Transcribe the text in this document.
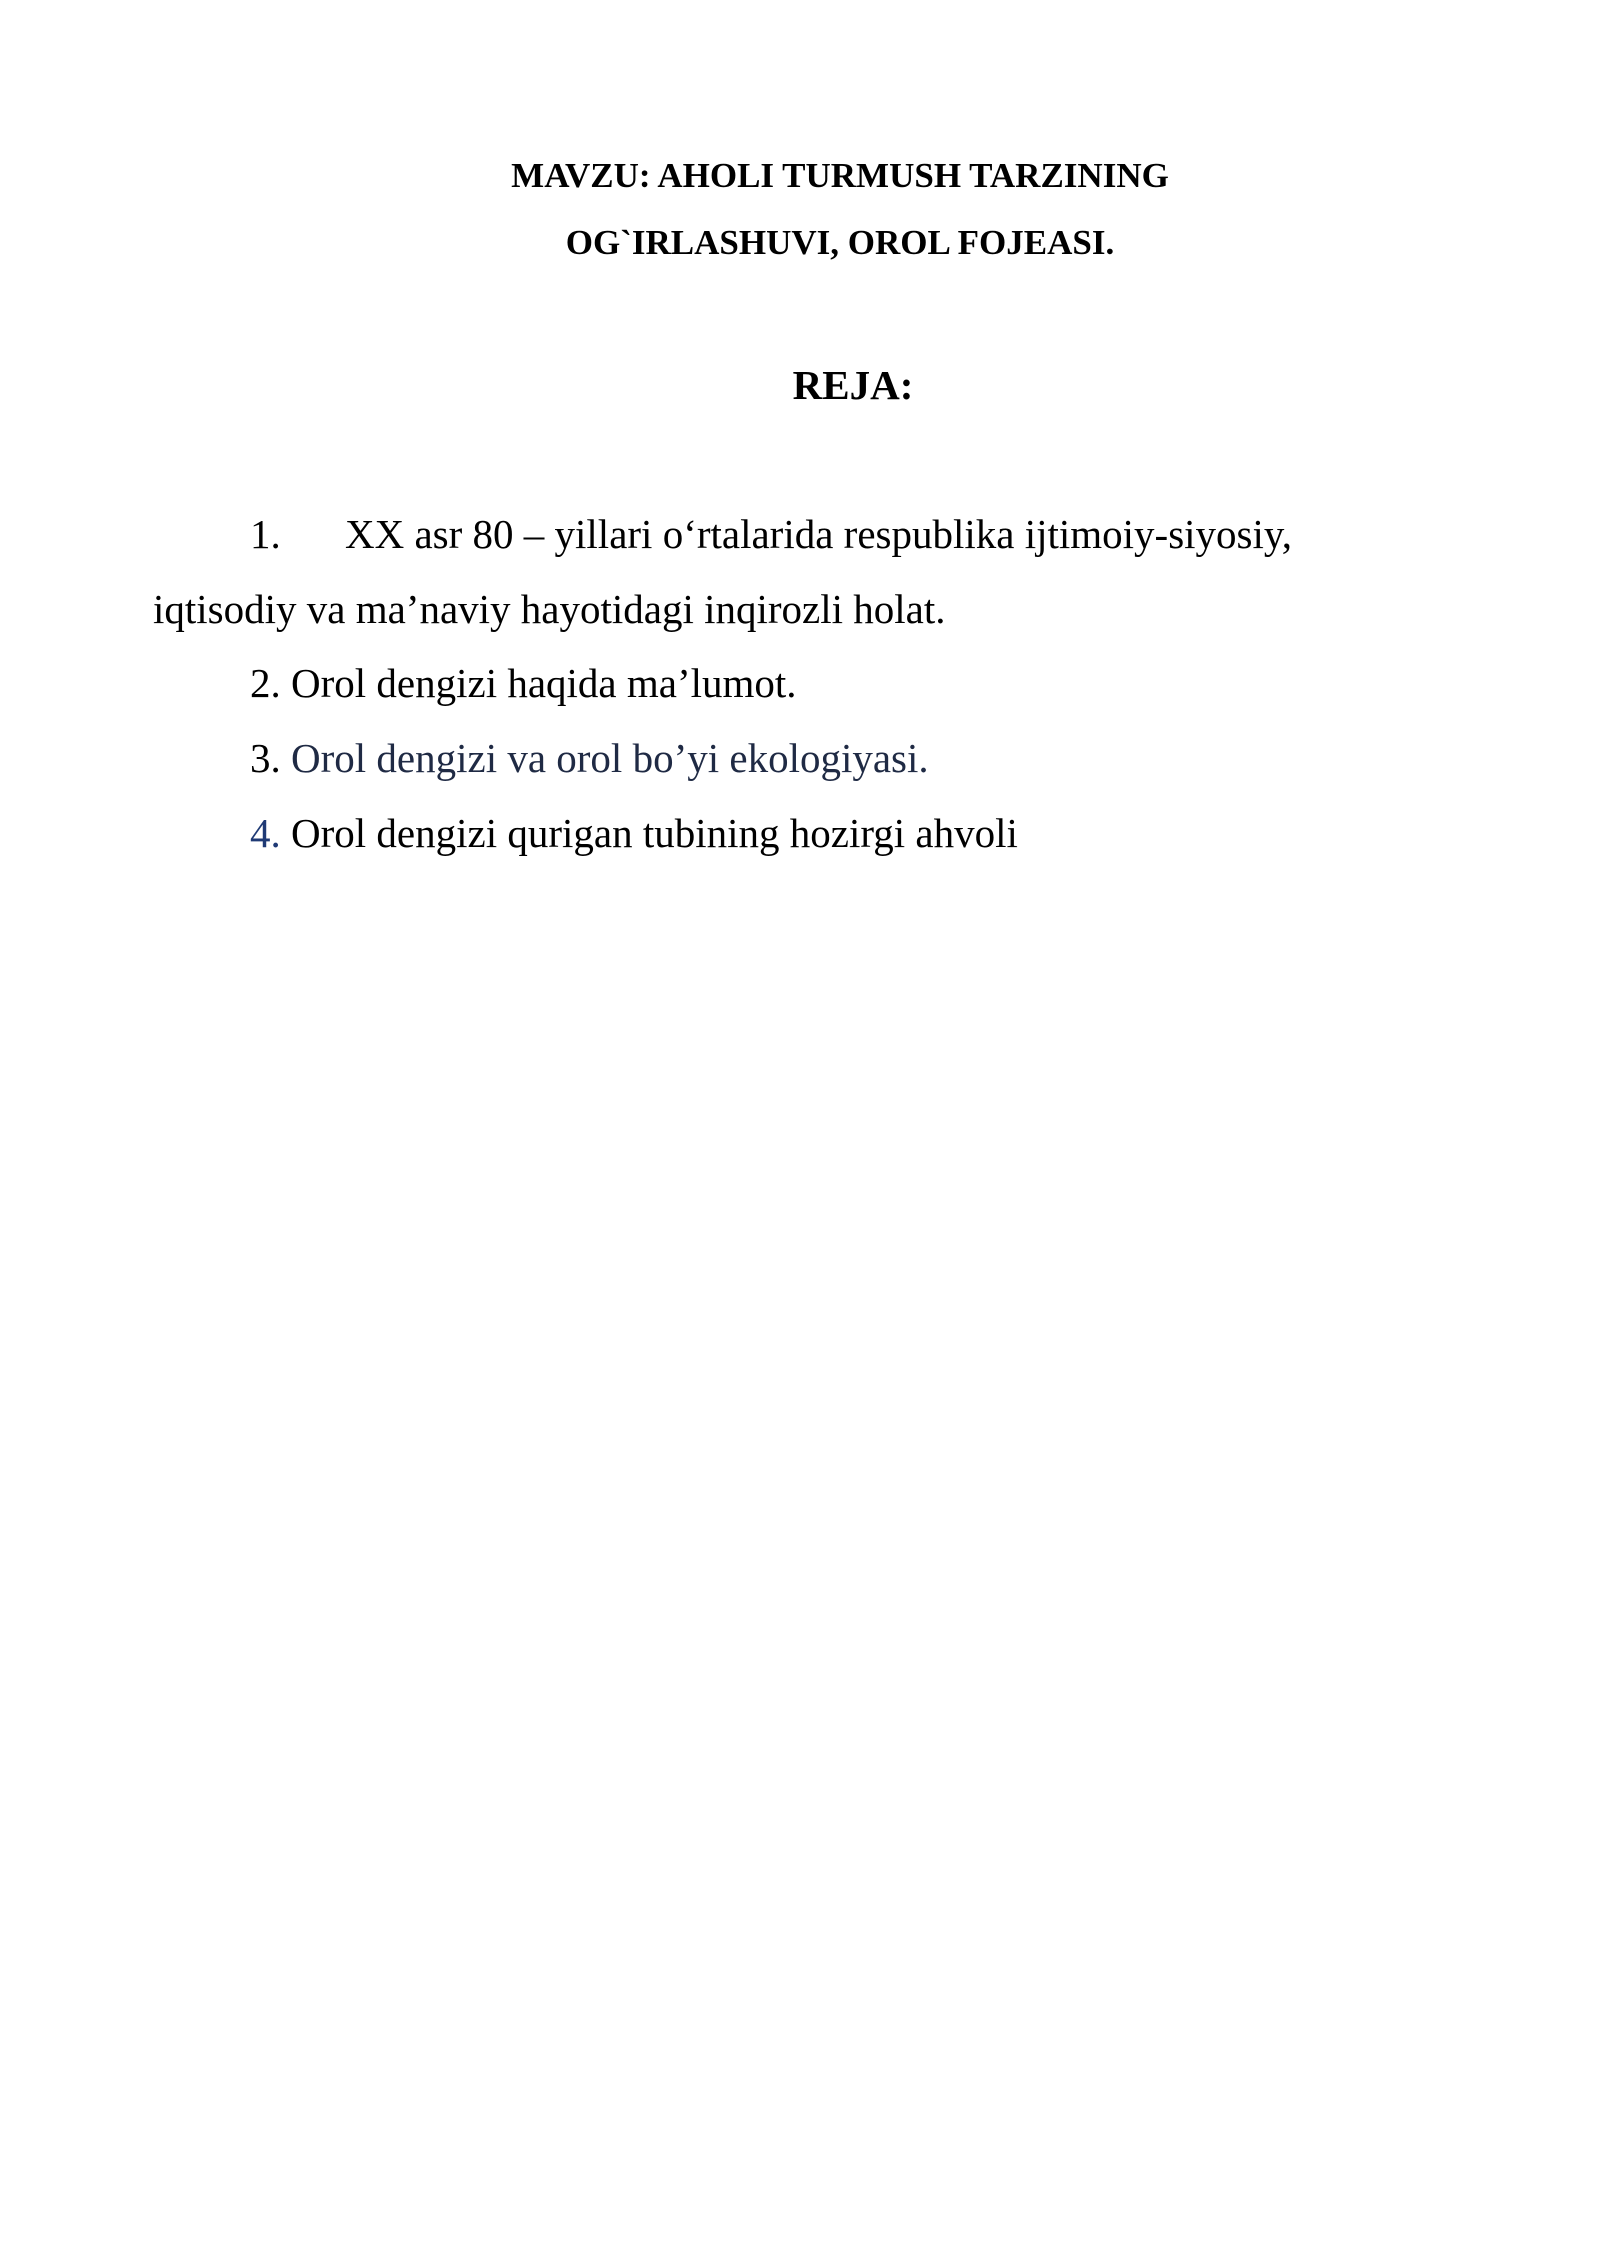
MAVZU: AHOLI TURMUSH TARZINING
OG`IRLASHUVI, OROL FOJEASI.
REJA:
1. XX asr 80 – yillari o‘rtalarida respublika ijtimoiy-siyosiy,
iqtisodiy va ma’naviy hayotidagi inqirozli holat.
2. Orol dengizi haqida ma’lumot.
3. Orol dengizi va orol bo’yi ekologiyasi.
4. Orol dengizi qurigan tubining hozirgi ahvoli
